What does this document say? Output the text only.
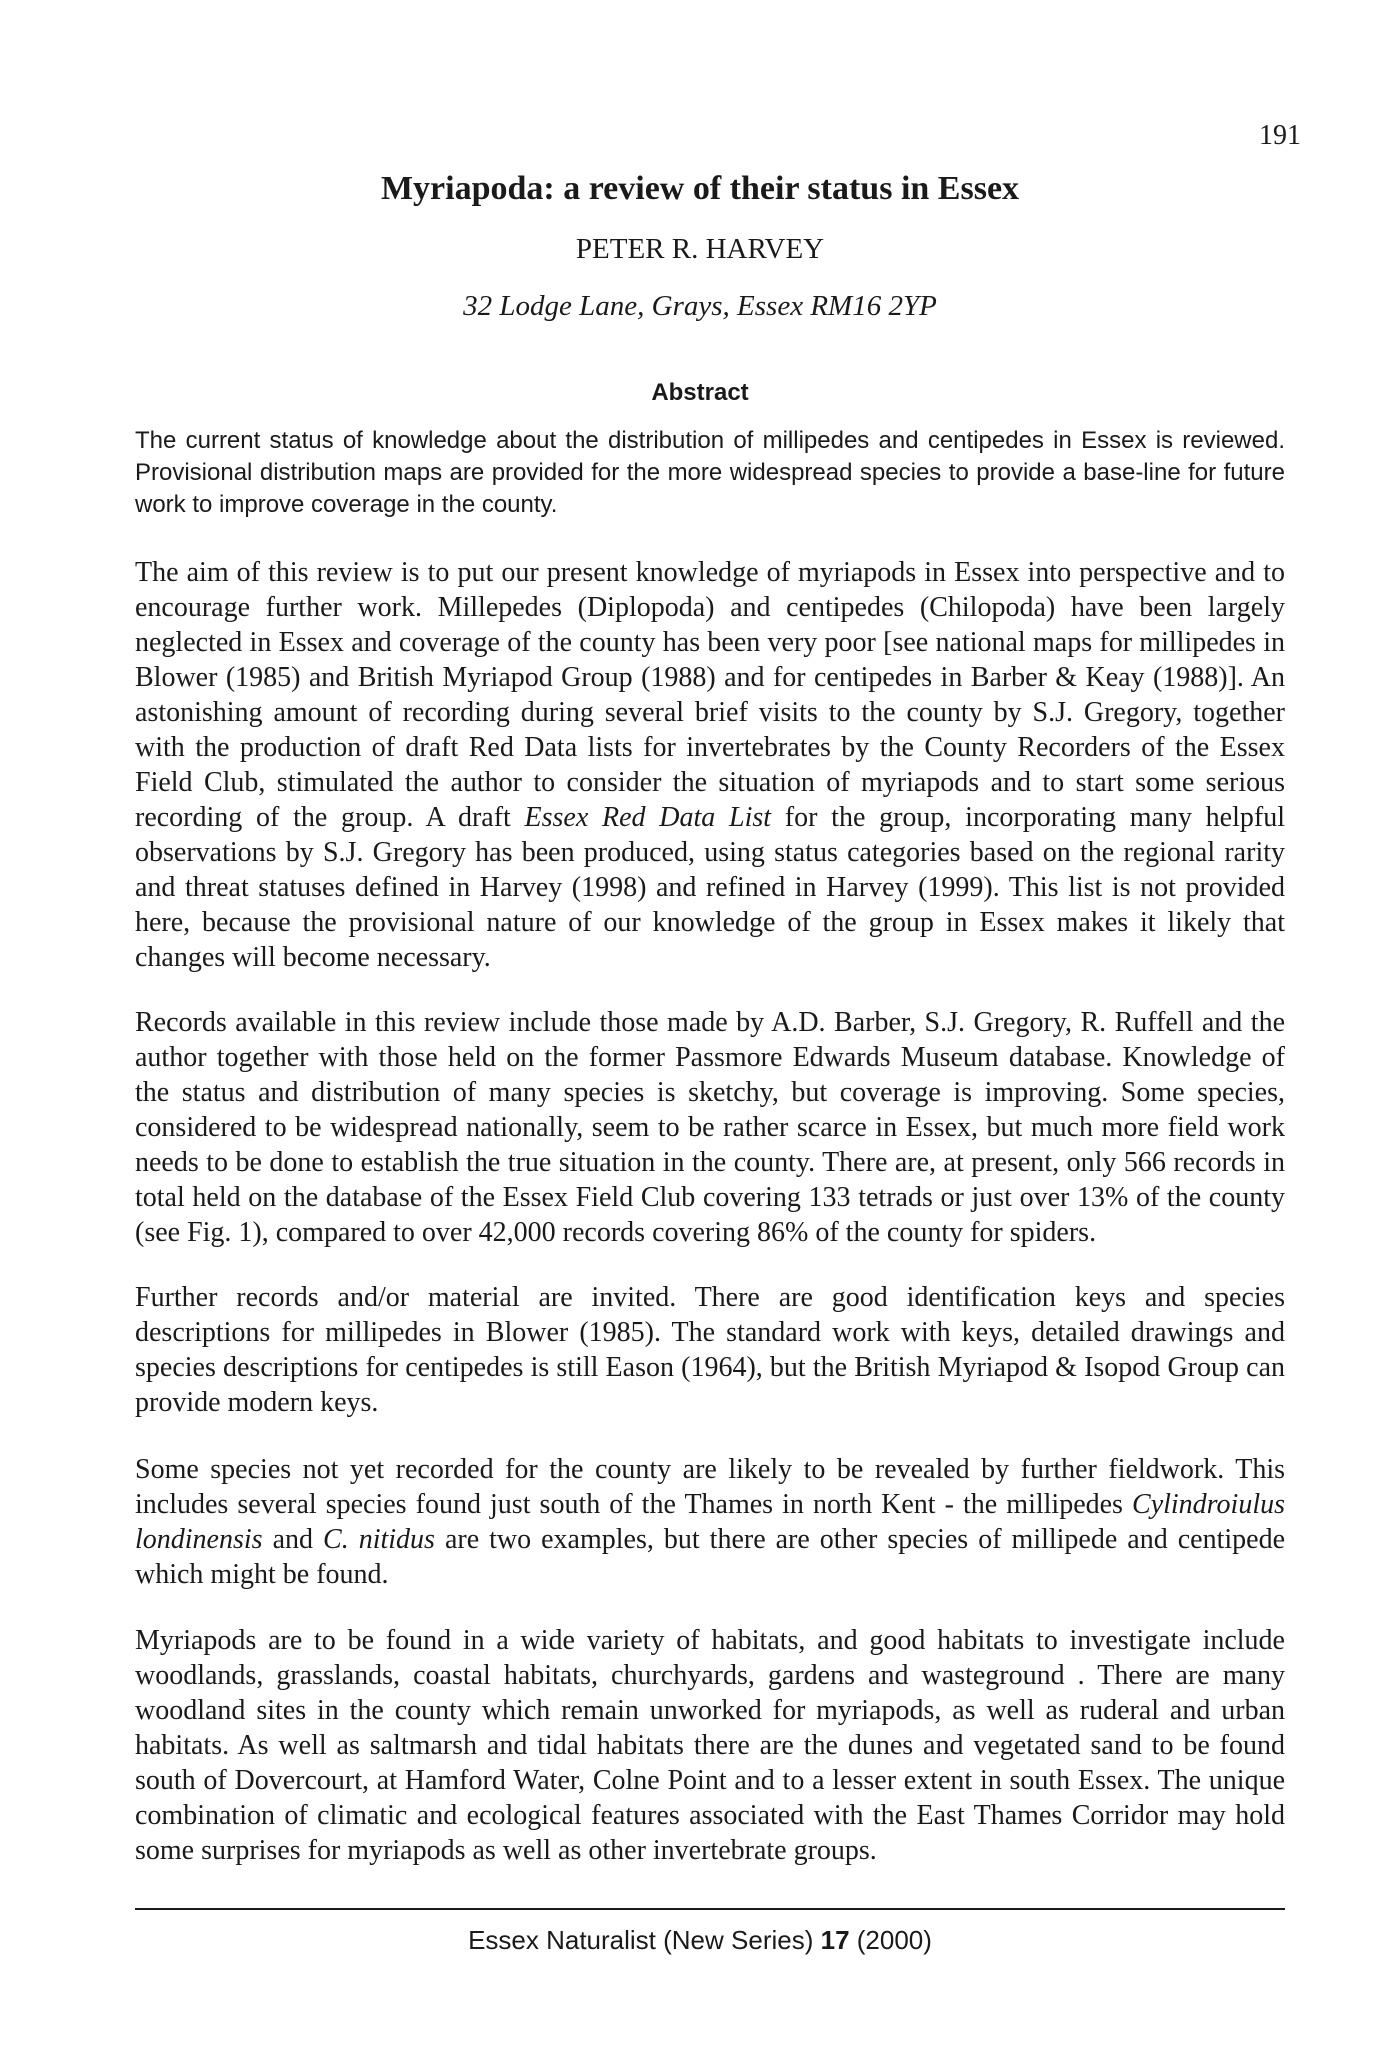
191
Myriapoda: a review of their status in Essex
PETER R. HARVEY
32 Lodge Lane, Grays, Essex RM16 2YP
Abstract
The current status of knowledge about the distribution of millipedes and centipedes in Essex is reviewed. Provisional distribution maps are provided for the more widespread species to provide a base-line for future work to improve coverage in the county.

The aim of this review is to put our present knowledge of myriapods in Essex into perspective and to encourage further work. Millepedes (Diplopoda) and centipedes (Chilopoda) have been largely neglected in Essex and coverage of the county has been very poor [see national maps for millipedes in Blower (1985) and British Myriapod Group (1988) and for centipedes in Barber & Keay (1988)]. An astonishing amount of recording during several brief visits to the county by S.J. Gregory, together with the production of draft Red Data lists for invertebrates by the County Recorders of the Essex Field Club, stimulated the author to consider the situation of myriapods and to start some serious recording of the group. A draft Essex Red Data List for the group, incorporating many helpful observations by S.J. Gregory has been produced, using status categories based on the regional rarity and threat statuses defined in Harvey (1998) and refined in Harvey (1999). This list is not provided here, because the provisional nature of our knowledge of the group in Essex makes it likely that changes will become necessary.

Records available in this review include those made by A.D. Barber, S.J. Gregory, R. Ruffell and the author together with those held on the former Passmore Edwards Museum database. Knowledge of the status and distribution of many species is sketchy, but coverage is improving. Some species, considered to be widespread nationally, seem to be rather scarce in Essex, but much more field work needs to be done to establish the true situation in the county. There are, at present, only 566 records in total held on the database of the Essex Field Club covering 133 tetrads or just over 13% of the county (see Fig. 1), compared to over 42,000 records covering 86% of the county for spiders.

Further records and/or material are invited. There are good identification keys and species descriptions for millipedes in Blower (1985). The standard work with keys, detailed drawings and species descriptions for centipedes is still Eason (1964), but the British Myriapod & Isopod Group can provide modern keys.

Some species not yet recorded for the county are likely to be revealed by further fieldwork. This includes several species found just south of the Thames in north Kent - the millipedes Cylindroiulus londinensis and C. nitidus are two examples, but there are other species of millipede and centipede which might be found.

Myriapods are to be found in a wide variety of habitats, and good habitats to investigate include woodlands, grasslands, coastal habitats, churchyards, gardens and wasteground . There are many woodland sites in the county which remain unworked for myriapods, as well as ruderal and urban habitats. As well as saltmarsh and tidal habitats there are the dunes and vegetated sand to be found south of Dovercourt, at Hamford Water, Colne Point and to a lesser extent in south Essex. The unique combination of climatic and ecological features associated with the East Thames Corridor may hold some surprises for myriapods as well as other invertebrate groups.

Essex Naturalist (New Series) 17 (2000)
